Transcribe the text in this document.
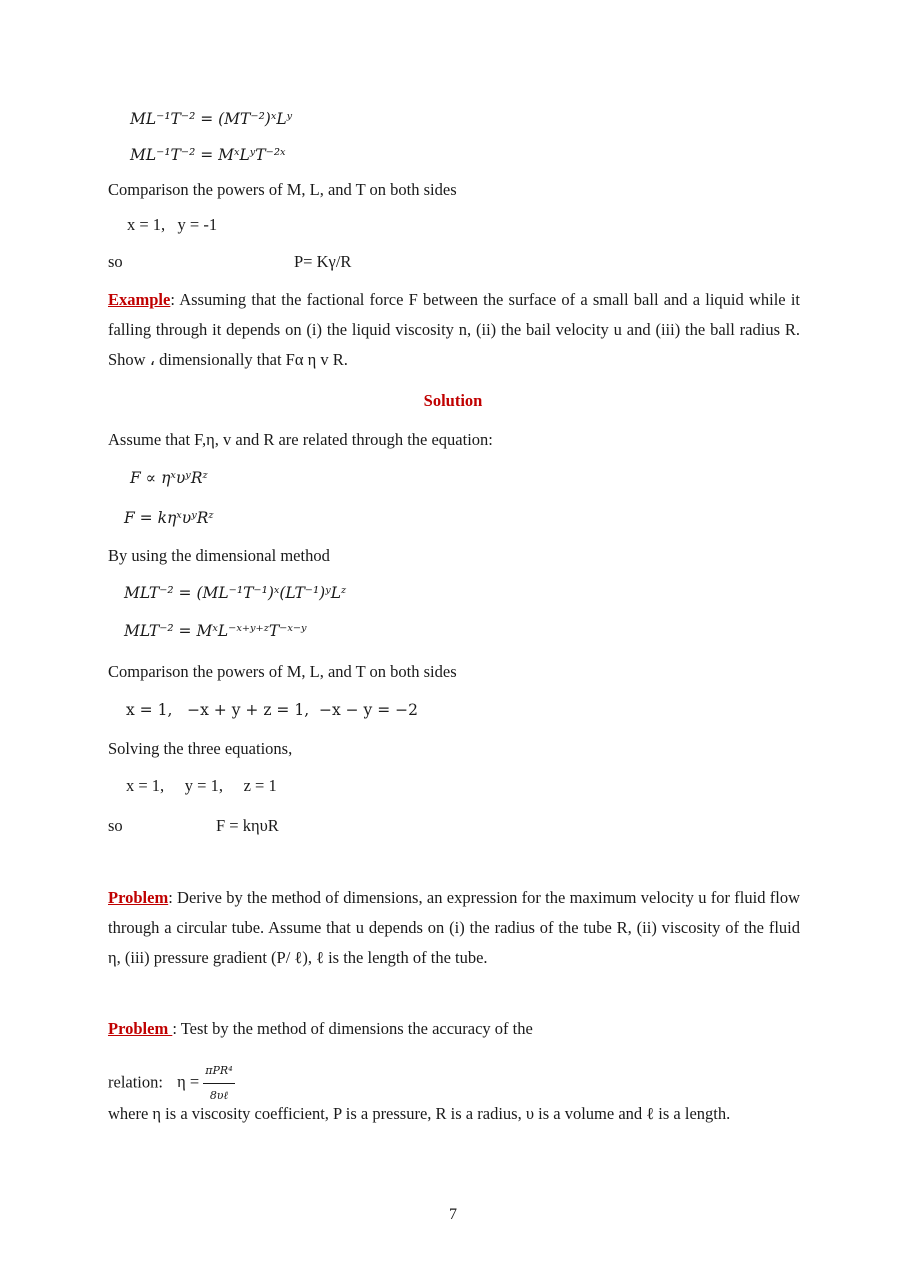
ML⁻¹T⁻² = (MT⁻²)ˣLʸ
ML⁻¹T⁻² = MˣLʸT⁻²ˣ
Comparison the powers of M, L, and T on both sides
x = 1,   y = -1
so	P= Kγ/R
Example: Assuming that the factional force F between the surface of a small ball and a liquid while it falling through it depends on (i) the liquid viscosity n, (ii) the bail velocity u and (iii) the ball radius R. Show ، dimensionally that Fα η v R.
Solution
Assume that F,η, v and R are related through the equation:
F ∝ ηˣυʸRᶻ
F = kηˣυʸRᶻ
By using the dimensional method
MLT⁻² = (ML⁻¹T⁻¹)ˣ(LT⁻¹)ʸLᶻ
MLT⁻² = MˣL⁻ˣ⁺ʸ⁺ᶻT⁻ˣ⁻ʸ
Comparison the powers of M, L, and T on both sides
x = 1,   −x + y + z = 1,  −x − y = −2
Solving the three equations,
x = 1,     y = 1,     z = 1
so	F = kηυR
Problem: Derive by the method of dimensions, an expression for the maximum velocity u for fluid flow through a circular tube. Assume that u depends on (i) the radius of the tube R, (ii) viscosity of the fluid η, (iii) pressure gradient (P/ ℓ), ℓ is the length of the tube.
Problem : Test by the method of dimensions the accuracy of the
relation: $\eta = \frac{\text{πPR⁴}}{\text{8υℓ}}$
where η is a viscosity coefficient, P is a pressure, R is a radius, υ is a volume and ℓ is a length.
7
